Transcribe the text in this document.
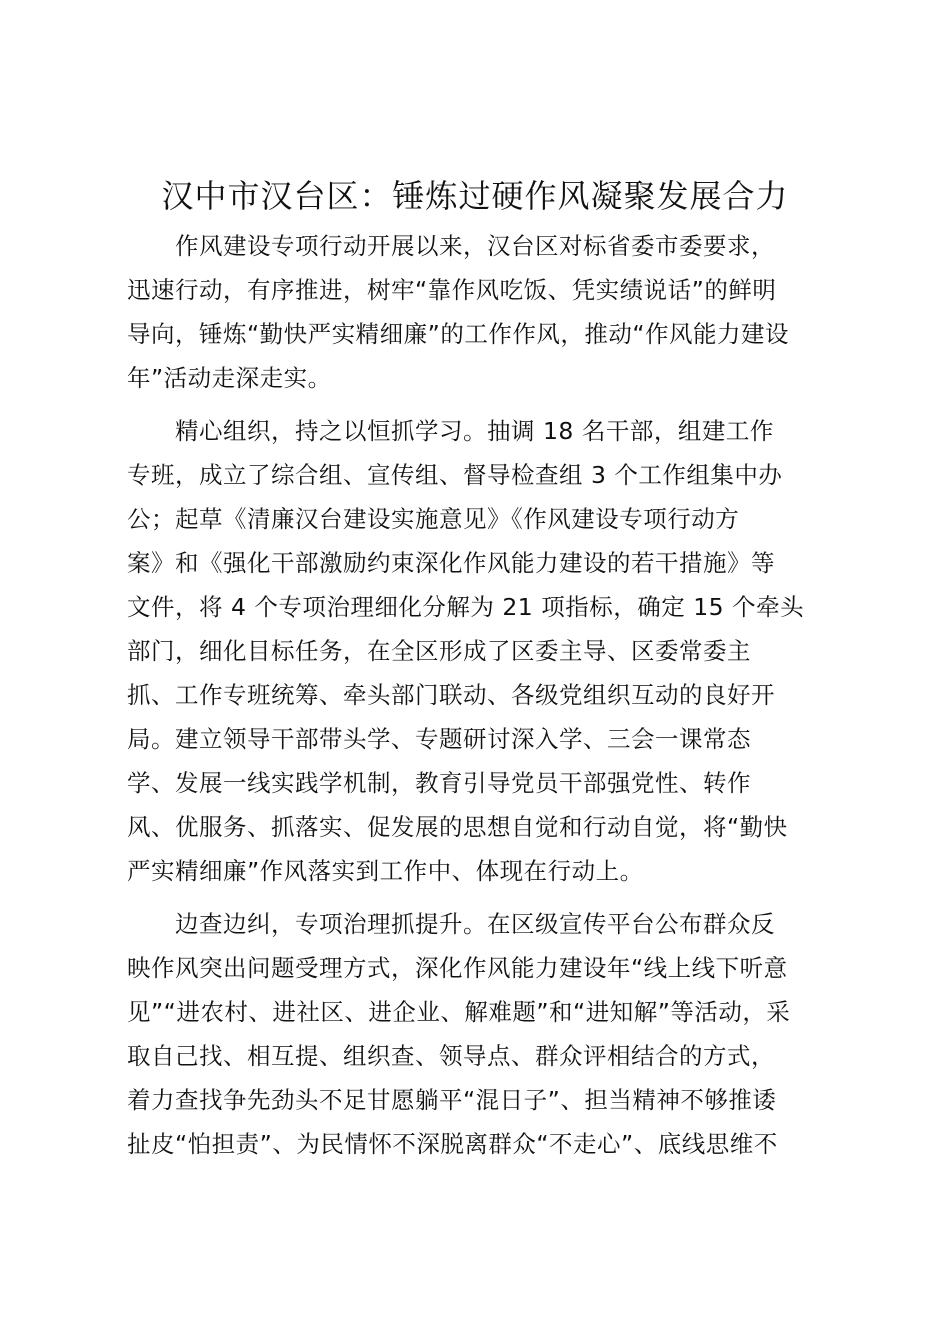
汉中市汉台区：锤炼过硬作风凝聚发展合力
　　作风建设专项行动开展以来，汉台区对标省委市委要求，
迅速行动，有序推进，树牢“靠作风吃饭、凭实绩说话”的鲜明
导向，锤炼“勤快严实精细廉”的工作作风，推动“作风能力建设
年”活动走深走实。
　　精心组织，持之以恒抓学习。抽调 18 名干部，组建工作
专班，成立了综合组、宣传组、督导检查组 3 个工作组集中办
公；起草《清廉汉台建设实施意见》《作风建设专项行动方
案》和《强化干部激励约束深化作风能力建设的若干措施》等
文件，将 4 个专项治理细化分解为 21 项指标，确定 15 个牵头
部门，细化目标任务，在全区形成了区委主导、区委常委主
抓、工作专班统筹、牵头部门联动、各级党组织互动的良好开
局。建立领导干部带头学、专题研讨深入学、三会一课常态
学、发展一线实践学机制，教育引导党员干部强党性、转作
风、优服务、抓落实、促发展的思想自觉和行动自觉，将“勤快
严实精细廉”作风落实到工作中、体现在行动上。
　　边查边纠，专项治理抓提升。在区级宣传平台公布群众反
映作风突出问题受理方式，深化作风能力建设年“线上线下听意
见”“进农村、进社区、进企业、解难题”和“进知解”等活动，采
取自己找、相互提、组织查、领导点、群众评相结合的方式，
着力查找争先劲头不足甘愿躺平“混日子”、担当精神不够推诿
扯皮“怕担责”、为民情怀不深脱离群众“不走心”、底线思维不
